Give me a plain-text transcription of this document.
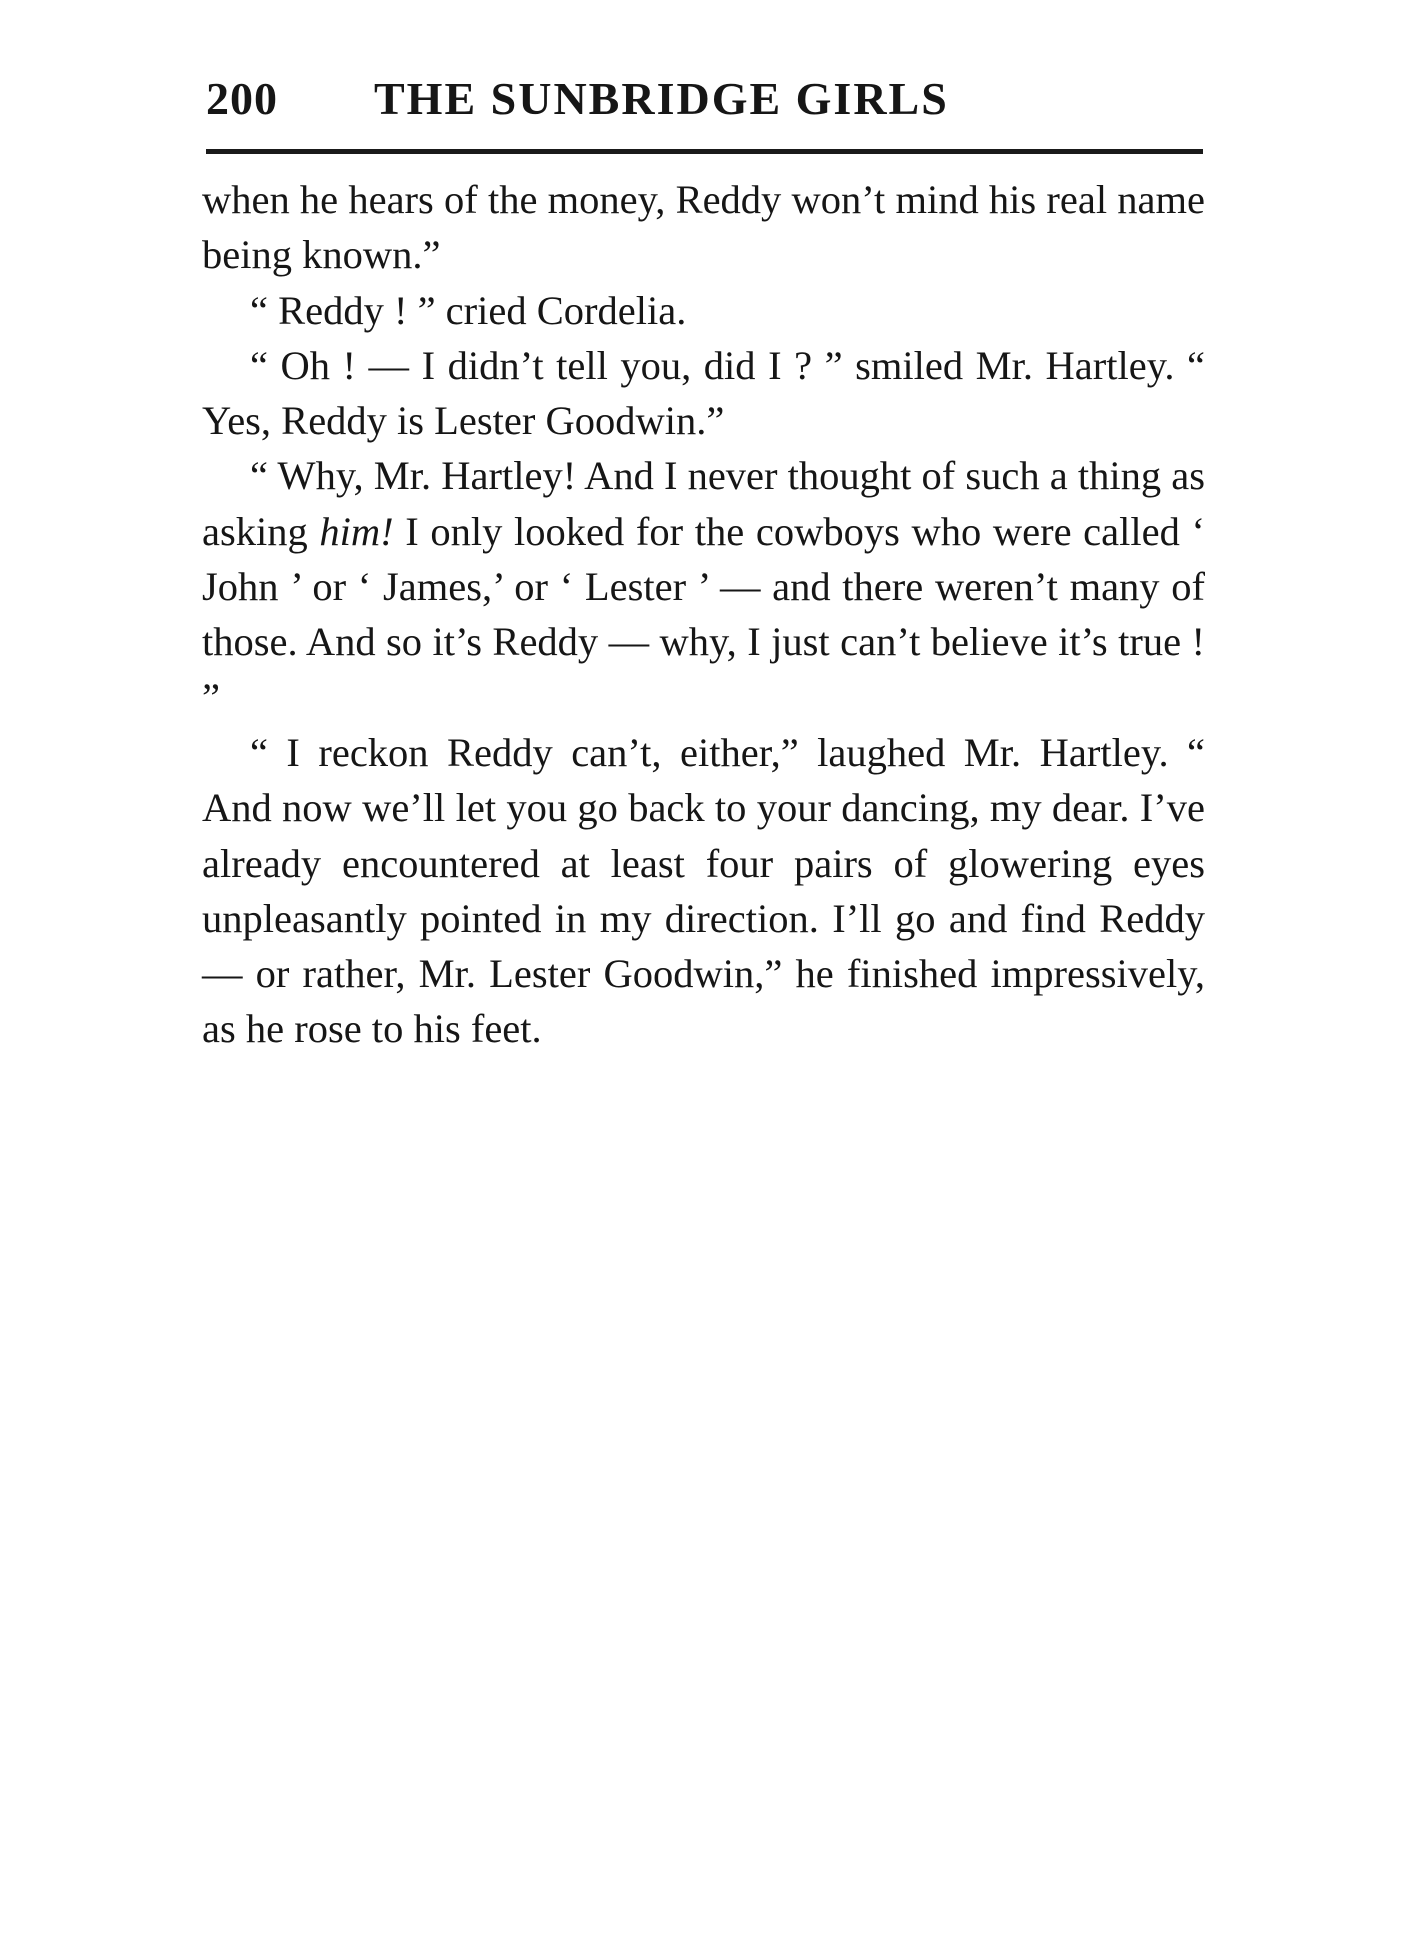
200 THE SUNBRIDGE GIRLS

when he hears of the money, Reddy won’t mind his real name being known.”

“ Reddy ! ” cried Cordelia.

“ Oh ! — I didn’t tell you, did I ? ” smiled Mr. Hartley. “ Yes, Reddy is Lester Goodwin.”

“ Why, Mr. Hartley! And I never thought of such a thing as asking him! I only looked for the cowboys who were called ‘ John ’ or ‘ James,’ or ‘ Lester ’ — and there weren’t many of those. And so it’s Reddy — why, I just can’t believe it’s true ! ”

“ I reckon Reddy can’t, either,” laughed Mr. Hartley. “ And now we’ll let you go back to your dancing, my dear. I’ve already encountered at least four pairs of glowering eyes unpleasantly pointed in my direction. I’ll go and find Reddy — or rather, Mr. Lester Goodwin,” he finished impressively, as he rose to his feet.
